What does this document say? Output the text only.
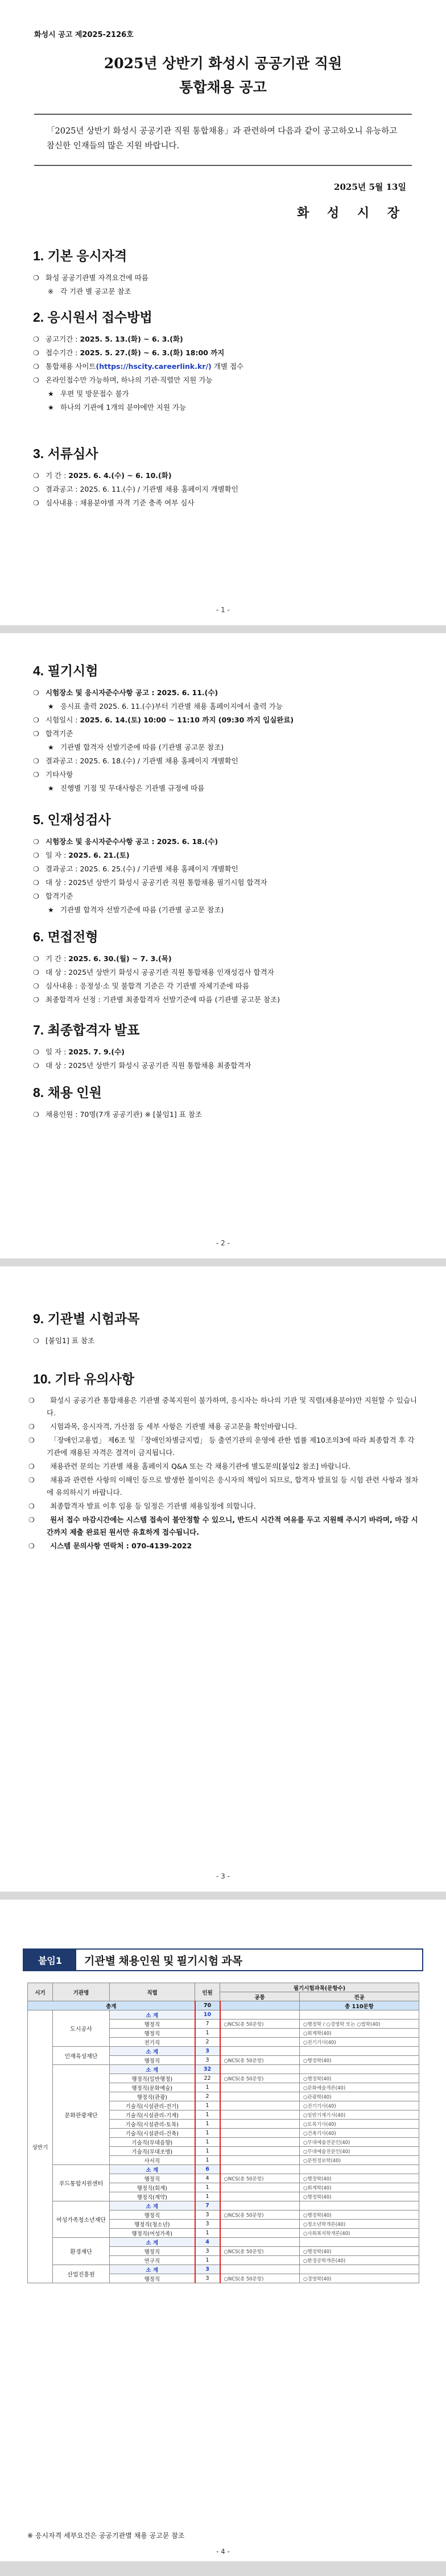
화성시 공고 제2025-2126호
2025년 상반기 화성시 공공기관 직원
통합채용 공고
「2025년 상반기 화성시 공공기관 직원 통합채용」과 관련하여 다음과 같이 공고하오니 유능하고 참신한 인재들의 많은 지원 바랍니다.
2025년 5월 13일
화 성 시 장
1. 기본 응시자격
❍ 화성 공공기관별 자격요건에 따름
※ 각 기관 별 공고문 참조
2. 응시원서 접수방법
❍ 공고기간 : 2025. 5. 13.(화) ~ 6. 3.(화)
❍ 접수기간 : 2025. 5. 27.(화) ~ 6. 3.(화) 18:00 까지
❍ 통합채용 사이트(https://hscity.careerlink.kr/) 개별 접수
❍ 온라인접수만 가능하며, 하나의 기관·직렬만 지원 가능
★ 우편 및 방문접수 불가
★ 하나의 기관에 1개의 분야에만 지원 가능
3. 서류심사
❍ 기 간 : 2025. 6. 4.(수) ~ 6. 10.(화)
❍ 결과공고 : 2025. 6. 11.(수) / 기관별 채용 홈페이지 개별확인
❍ 심사내용 : 채용분야별 자격 기준 충족 여부 심사
- 1 -
4. 필기시험
❍ 시험장소 및 응시자준수사항 공고 : 2025. 6. 11.(수)
★ 응시표 출력 2025. 6. 11.(수)부터 기관별 채용 홈페이지에서 출력 가능
❍ 시험일시 : 2025. 6. 14.(토) 10:00 ~ 11:10 까지 (09:30 까지 입실완료)
❍ 합격기준
★ 기관별 합격자 선발기준에 따름 (기관별 공고문 참조)
❍ 결과공고 : 2025. 6. 18.(수) / 기관별 채용 홈페이지 개별확인
❍ 기타사항
★ 진행별 기점 및 무대사항은 기관별 규정에 따름
5. 인재성검사
❍ 시험장소 및 응시자준수사항 공고 : 2025. 6. 18.(수)
❍ 일 자 : 2025. 6. 21.(토)
❍ 결과공고 : 2025. 6. 25.(수) / 기관별 채용 홈페이지 개별확인
❍ 대 상 : 2025년 상반기 화성시 공공기관 직원 통합채용 필기시험 합격자
❍ 합격기준
★ 기관별 합격자 선발기준에 따름 (기관별 공고문 참조)
6. 면접전형
❍ 기 간 : 2025. 6. 30.(월) ~ 7. 3.(목)
❍ 대 상 : 2025년 상반기 화성시 공공기관 직원 통합채용 인재성검사 합격자
❍ 심사내용 : 응정성·소 및 불합격 기준은 각 기관별 자체기준에 따름
❍ 최종합격자 선정 : 기관별 최종합격자 선발기준에 따름 (기관별 공고문 참조)
7. 최종합격자 발표
❍ 일 자 : 2025. 7. 9.(수)
❍ 대 상 : 2025년 상반기 화성시 공공기관 직원 통합채용 최종합격자
8. 채용 인원
❍ 채용인원 : 70명(7개 공공기관) ※ [붙임1] 표 참조
- 2 -
9. 기관별 시험과목
❍ [붙임1] 표 참조
10. 기타 유의사항
❍ 화성시 공공기관 통합채용은 기관별 중복지원이 불가하며, 응시자는 하나의 기관 및 직렬(채용분야)만 지원할 수 있습니다.
❍ 시험과목, 응시자격, 가산점 등 세부 사항은 기관별 채용 공고문을 확인바랍니다.
❍ 「장애인고용법」 제6조 및 「장애인차별금지법」 등 출연기관의 운영에 관한 법률 제10조의3에 따라 최종합격 후 각 기관에 재용된 자격은 결격이 금지됩니다.
❍ 채용관련 문의는 기관별 채용 홈페이지 Q&A 또는 각 채용기관에 별도문의[붙임2 참조] 바랍니다.
❍ 채용과 관련한 사항의 이해인 등으로 발생한 불이익은 응시자의 책임이 되므로, 합격자 발표일 등 시험 관련 사항과 절차에 유의하시기 바랍니다.
❍ 최종합격자 발표 이후 임용 등 일정은 기관별 채용일정에 의합니다.
❍ 원서 접수 마감시간에는 시스템 접속이 불안정할 수 있으니, 반드시 시간적 여유를 두고 지원해 주시기 바라며, 마감 시간까지 제출 완료된 원서만 유효하게 접수됩니다.
❍ 시스템 문의사항 연락처 : 070-4139-2022
- 3 -
붙임1	기관별 채용인원 및 필기시험 과목
시기	기관명	직렬	인원	필기시험과목(문항수)	
				공통	전공
총계			70		총 110문항
상반기	도시공사	소 계	10		
		행정직	7	○NCS(총 50문항)	○행정학 / ○경영학 또는 ○법학(40)
		행정직	1		○회계학(40)
		전기직	2		○전기기사(40)
	인재육성재단	소 계	3		
		행정직	3	○NCS(총 50문항)	○행정학(40)
	문화관광재단	소 계	32		
		행정직(일반행정)	22	○NCS(총 50문항)	○행정학(40)
		행정직(문화예술)	1		○문화예술개론(40)
		행정직(관광)	2		○관광학(40)
		기술직(시설관리-전기)	1		○전기기사(40)
		기술직(시설관리-기계)	1		○일반기계기사(40)
		기술직(시설관리-토목)	1		○토목기사(40)
		기술직(시설관리-건축)	1		○건축기사(40)
		기술직(무대음향)	1		○무대예술전문인(40)
		기술직(무대조명)	1		○무대예술전문인(40)
		사서직	1		○문헌정보학(40)
	푸드통합지원센터	소 계	6		
		행정직	4	○NCS(총 50문항)	○행정학(40)
		행정직(회계)	1		○회계학(40)
		행정직(계약)	1		○행정학(40)
	여성가족청소년재단	소 계	7		
		행정직	3	○NCS(총 50문항)	○행정학(40)
		행정직(청소년)	3		○청소년학개론(40)
		행정직(여성가족)	1		○사회복지학개론(40)
	환경재단	소 계	4		
		행정직	3	○NCS(총 50문항)	○행정학(40)
		연구직	1		○환경공학개론(40)
	산업진흥원	소 계	3		
		행정직	3	○NCS(총 50문항)	○경영학(40)
※ 응시자격 세부요건은 공공기관별 채용 공고문 참조
- 4 -
